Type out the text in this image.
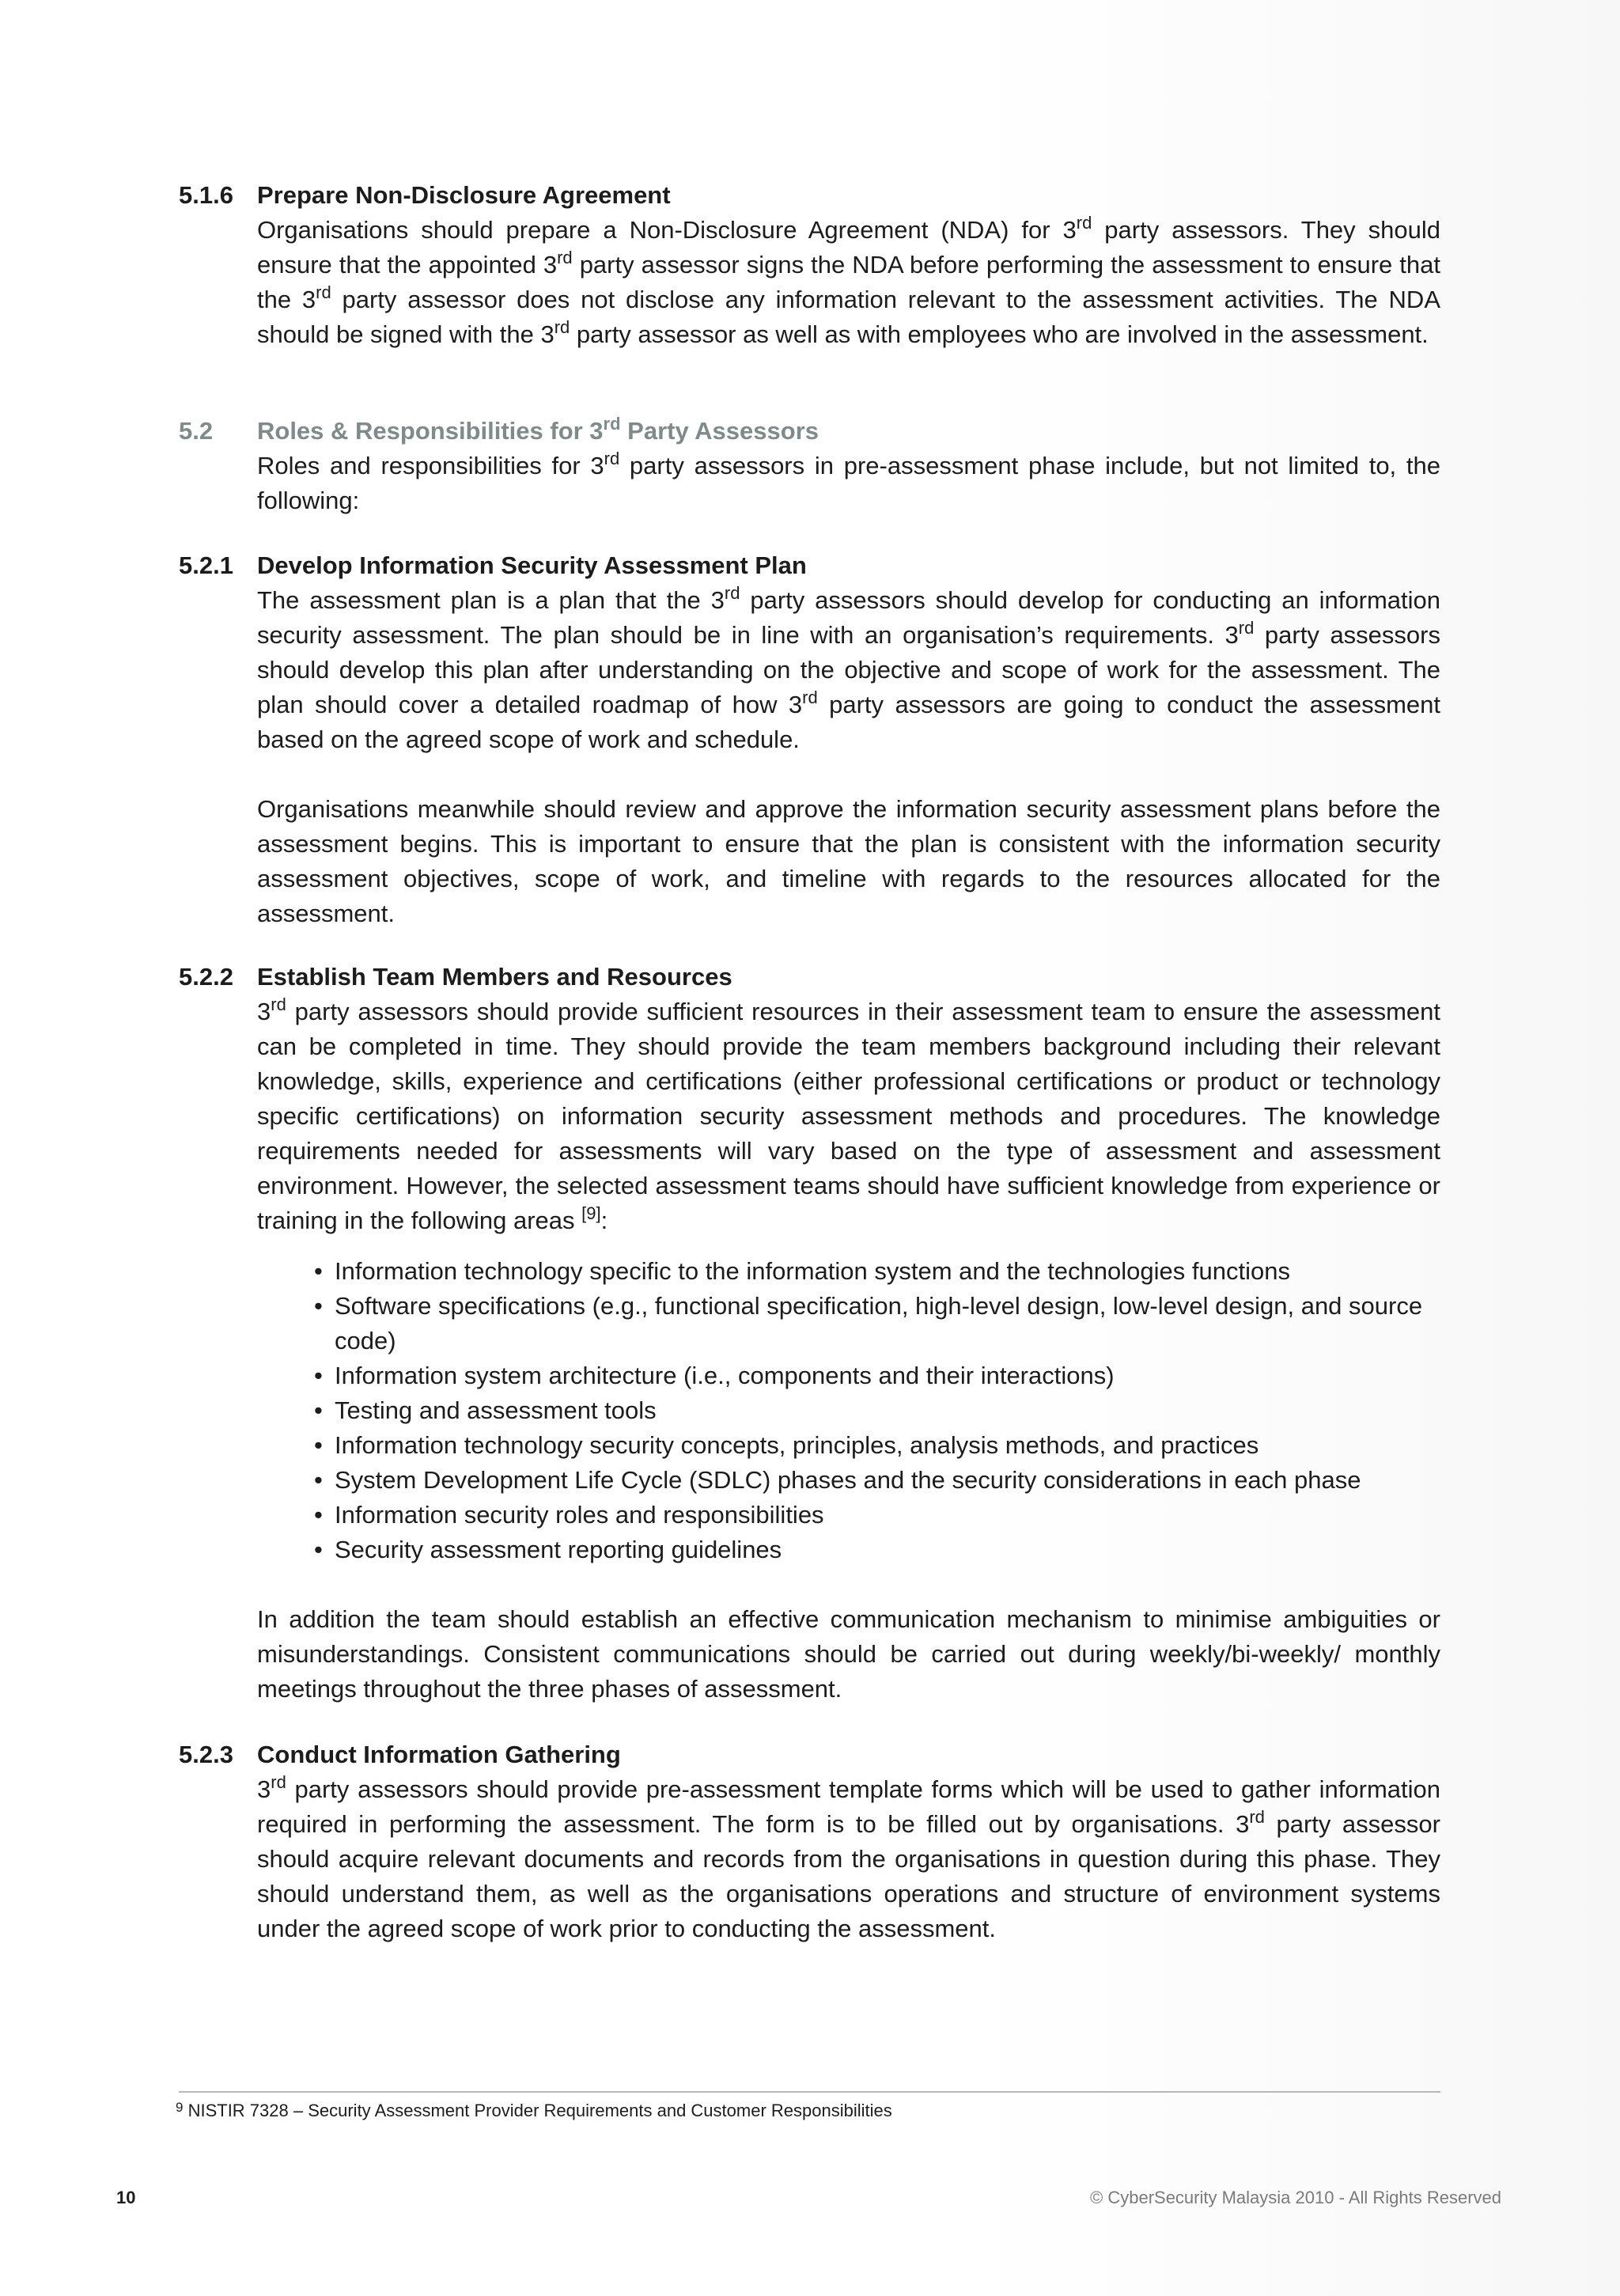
5.1.6 Prepare Non-Disclosure Agreement

Organisations should prepare a Non-Disclosure Agreement (NDA) for 3rd party assessors. They should ensure that the appointed 3rd party assessor signs the NDA before performing the assessment to ensure that the 3rd party assessor does not disclose any information relevant to the assessment activities. The NDA should be signed with the 3rd party assessor as well as with employees who are involved in the assessment.

5.2 Roles & Responsibilities for 3rd Party Assessors

Roles and responsibilities for 3rd party assessors in pre-assessment phase include, but not limited to, the following:

5.2.1 Develop Information Security Assessment Plan

The assessment plan is a plan that the 3rd party assessors should develop for conducting an information security assessment. The plan should be in line with an organisation’s requirements. 3rd party assessors should develop this plan after understanding on the objective and scope of work for the assessment. The plan should cover a detailed roadmap of how 3rd party assessors are going to conduct the assessment based on the agreed scope of work and schedule.

Organisations meanwhile should review and approve the information security assessment plans before the assessment begins. This is important to ensure that the plan is consistent with the information security assessment objectives, scope of work, and timeline with regards to the resources allocated for the assessment.

5.2.2 Establish Team Members and Resources

3rd party assessors should provide sufficient resources in their assessment team to ensure the assessment can be completed in time. They should provide the team members background including their relevant knowledge, skills, experience and certifications (either professional certifications or product or technology specific certifications) on information security assessment methods and procedures. The knowledge requirements needed for assessments will vary based on the type of assessment and assessment environment. However, the selected assessment teams should have sufficient knowledge from experience or training in the following areas [9]:

• Information technology specific to the information system and the technologies functions
• Software specifications (e.g., functional specification, high-level design, low-level design, and source code)
• Information system architecture (i.e., components and their interactions)
• Testing and assessment tools
• Information technology security concepts, principles, analysis methods, and practices
• System Development Life Cycle (SDLC) phases and the security considerations in each phase
• Information security roles and responsibilities
• Security assessment reporting guidelines

In addition the team should establish an effective communication mechanism to minimise ambiguities or misunderstandings. Consistent communications should be carried out during weekly/bi-weekly/ monthly meetings throughout the three phases of assessment.

5.2.3 Conduct Information Gathering

3rd party assessors should provide pre-assessment template forms which will be used to gather information required in performing the assessment. The form is to be filled out by organisations. 3rd party assessor should acquire relevant documents and records from the organisations in question during this phase. They should understand them, as well as the organisations operations and structure of environment systems under the agreed scope of work prior to conducting the assessment.

$^9$ NISTIR 7328 – Security Assessment Provider Requirements and Customer Responsibilities
10	© CyberSecurity Malaysia 2010 - All Rights Reserved
